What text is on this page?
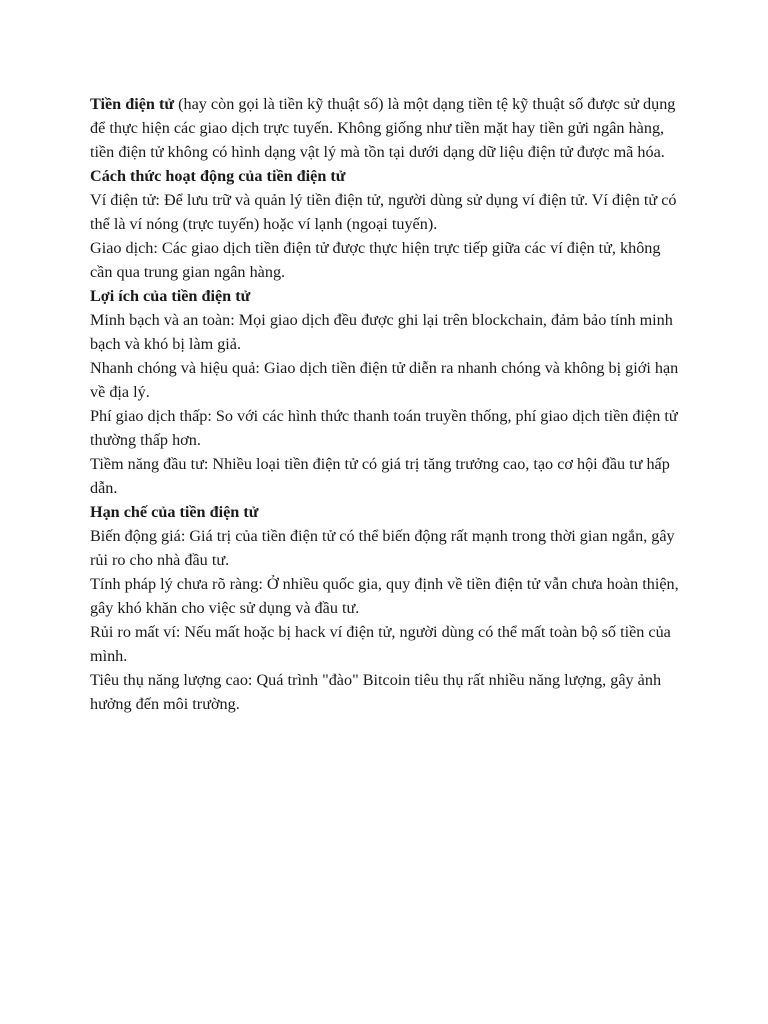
Tiền điện tử (hay còn gọi là tiền kỹ thuật số) là một dạng tiền tệ kỹ thuật số được sử dụng để thực hiện các giao dịch trực tuyến. Không giống như tiền mặt hay tiền gửi ngân hàng, tiền điện tử không có hình dạng vật lý mà tồn tại dưới dạng dữ liệu điện tử được mã hóa.

Cách thức hoạt động của tiền điện tử

Ví điện tử: Để lưu trữ và quản lý tiền điện tử, người dùng sử dụng ví điện tử. Ví điện tử có thể là ví nóng (trực tuyến) hoặc ví lạnh (ngoại tuyến).

Giao dịch: Các giao dịch tiền điện tử được thực hiện trực tiếp giữa các ví điện tử, không cần qua trung gian ngân hàng.

Lợi ích của tiền điện tử

Minh bạch và an toàn: Mọi giao dịch đều được ghi lại trên blockchain, đảm bảo tính minh bạch và khó bị làm giả.

Nhanh chóng và hiệu quả: Giao dịch tiền điện tử diễn ra nhanh chóng và không bị giới hạn về địa lý.

Phí giao dịch thấp: So với các hình thức thanh toán truyền thống, phí giao dịch tiền điện tử thường thấp hơn.

Tiềm năng đầu tư: Nhiều loại tiền điện tử có giá trị tăng trưởng cao, tạo cơ hội đầu tư hấp dẫn.

Hạn chế của tiền điện tử

Biến động giá: Giá trị của tiền điện tử có thể biến động rất mạnh trong thời gian ngắn, gây rủi ro cho nhà đầu tư.

Tính pháp lý chưa rõ ràng: Ở nhiều quốc gia, quy định về tiền điện tử vẫn chưa hoàn thiện, gây khó khăn cho việc sử dụng và đầu tư.

Rủi ro mất ví: Nếu mất hoặc bị hack ví điện tử, người dùng có thể mất toàn bộ số tiền của mình.

Tiêu thụ năng lượng cao: Quá trình "đào" Bitcoin tiêu thụ rất nhiều năng lượng, gây ảnh hưởng đến môi trường.
